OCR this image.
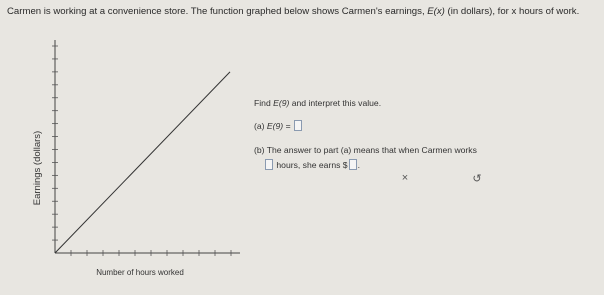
Carmen is working at a convenience store. The function graphed below shows Carmen's earnings, E(x) (in dollars), for x hours of work.
Earnings (dollars)
Number of hours worked
Find E(9) and interpret this value.
(a) E(9) =
(b) The answer to part (a) means that when Carmen works
hours, she earns $ .
×	↺
